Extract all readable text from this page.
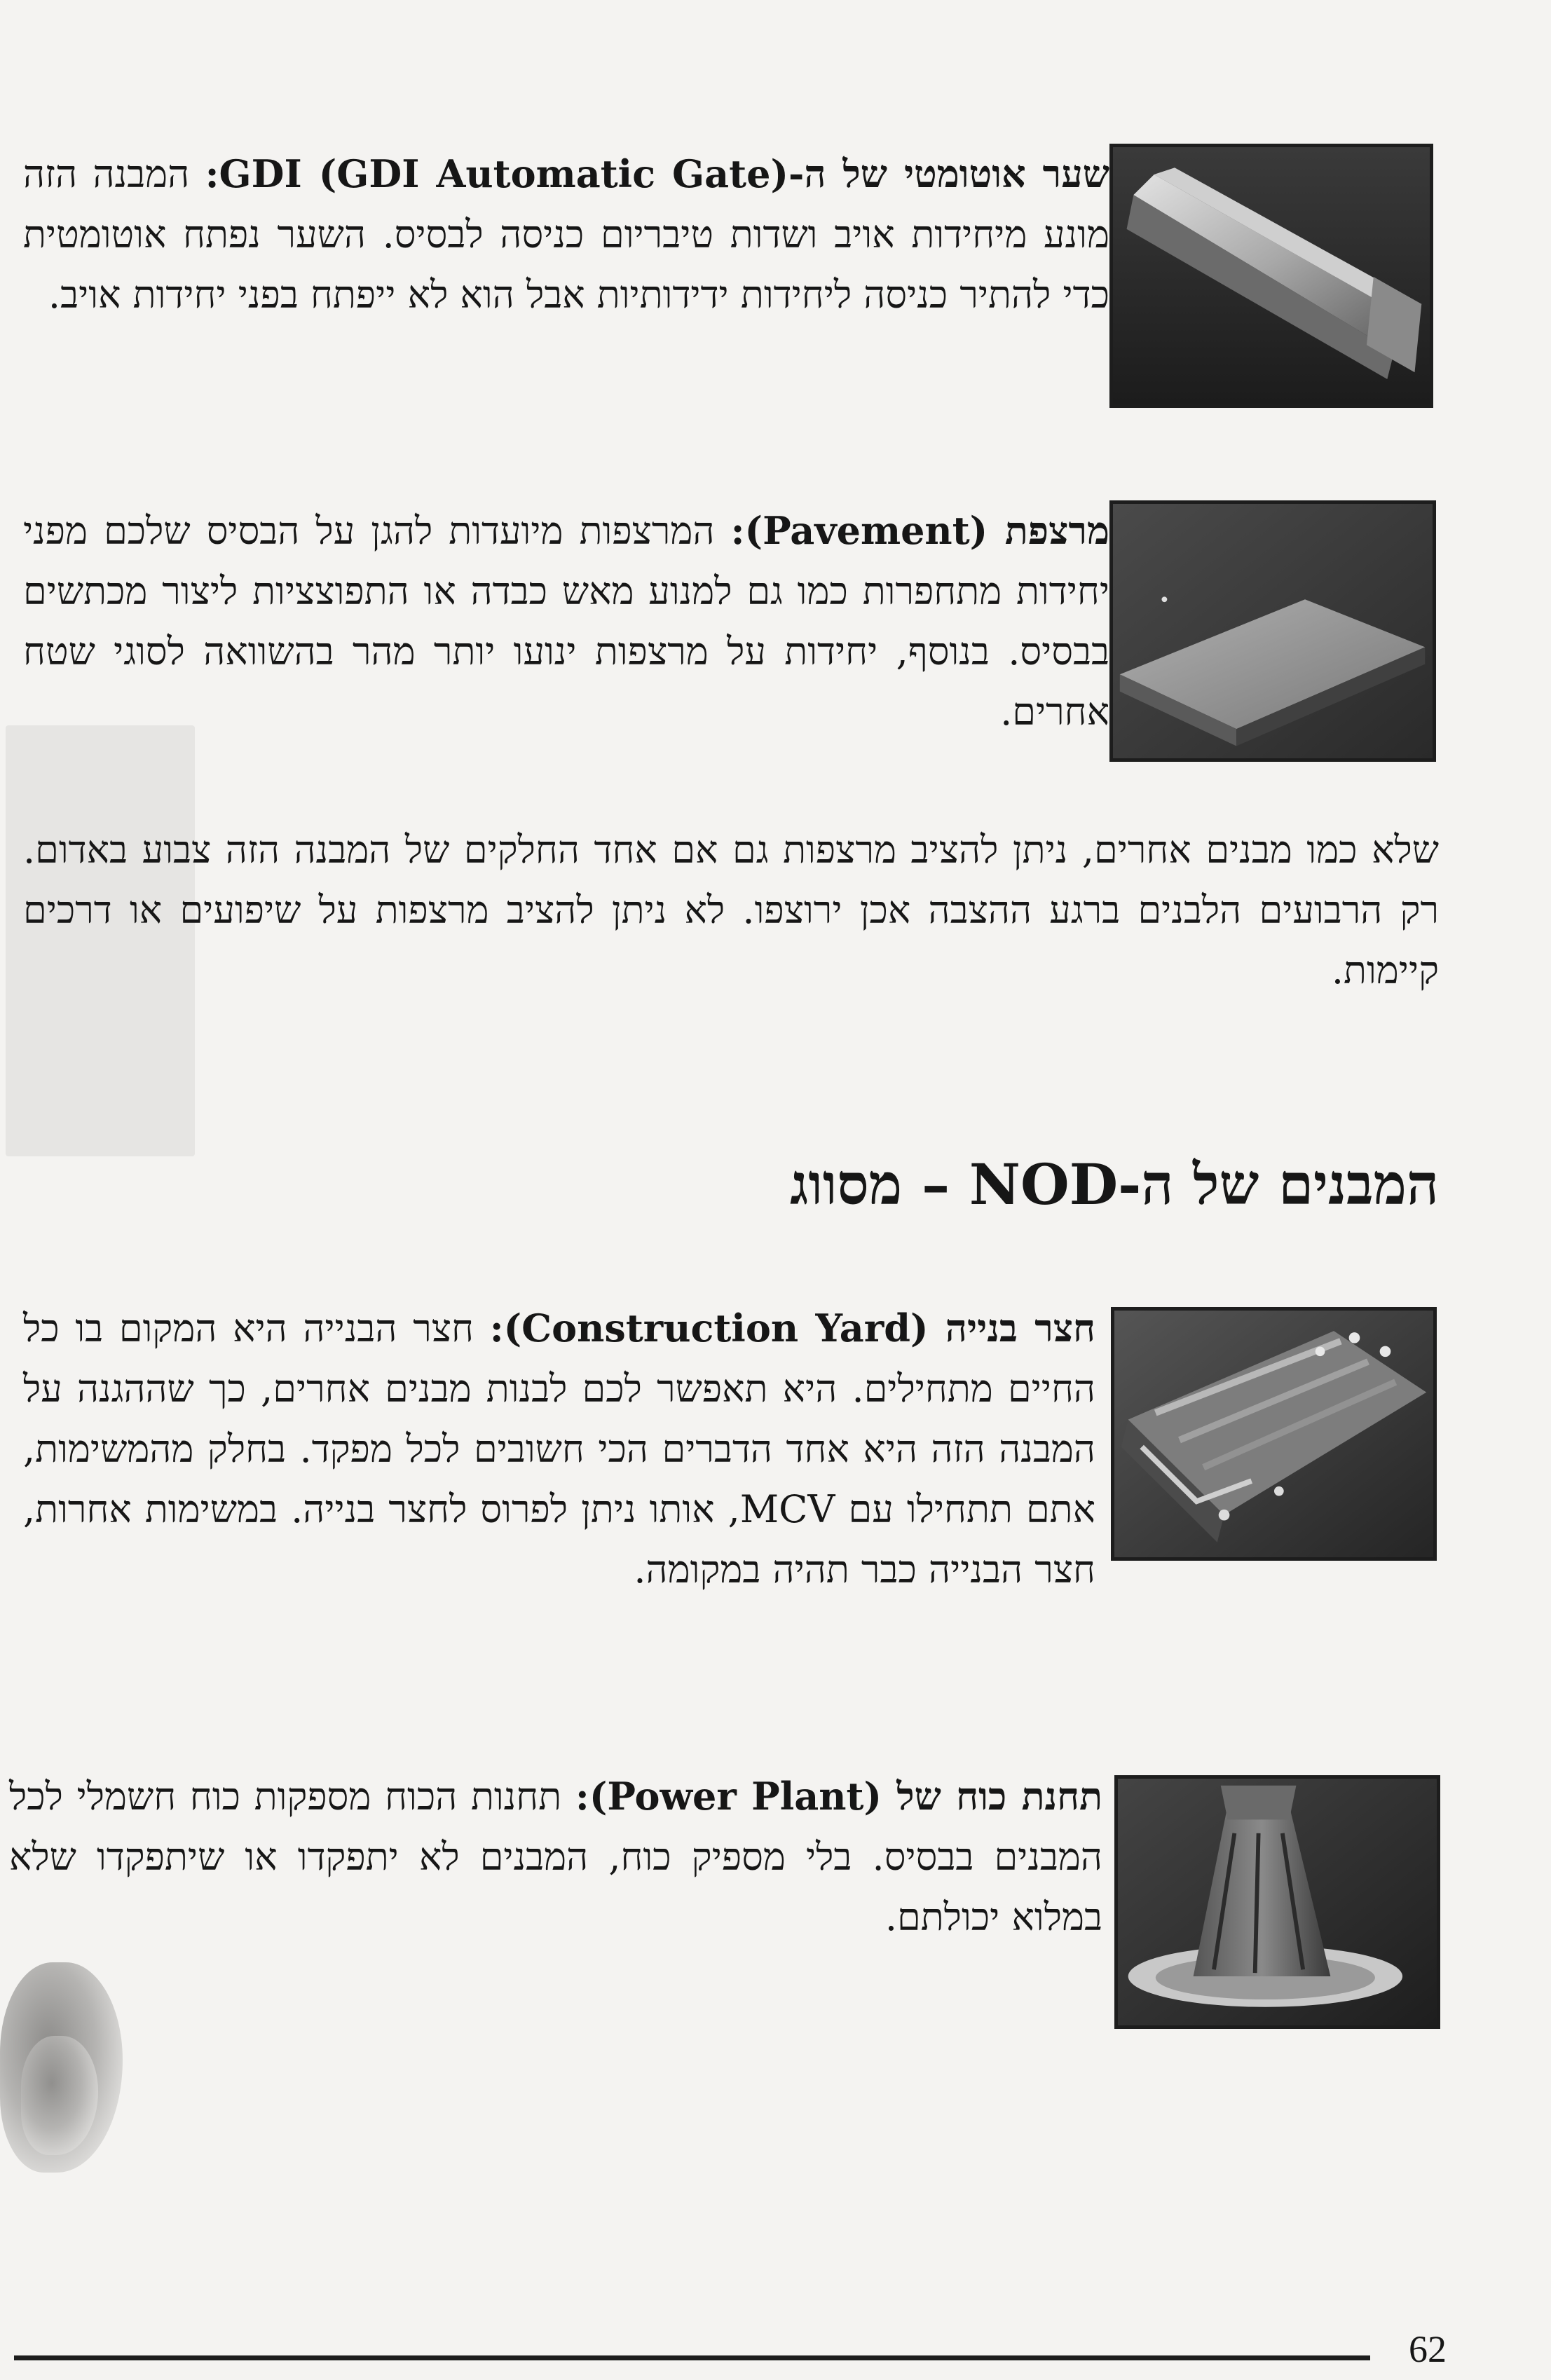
שער אוטומטי של ה-GDI (GDI Automatic Gate): המבנה הזה מונע מיחידות אויב ושדות טיבריום כניסה לבסיס. השער נפתח אוטומטית כדי להתיר כניסה ליחידות ידידותיות אבל הוא לא ייפתח בפני יחידות אויב.
מרצפת (Pavement): המרצפות מיועדות להגן על הבסיס שלכם מפני יחידות מתחפרות כמו גם למנוע מאש כבדה או התפוצציות ליצור מכתשים בבסיס. בנוסף, יחידות על מרצפות ינועו יותר מהר בהשוואה לסוגי שטח אחרים.
שלא כמו מבנים אחרים, ניתן להציב מרצפות גם אם אחד החלקים של המבנה הזה צבוע באדום. רק הרבועים הלבנים ברגע ההצבה אכן ירוצפו. לא ניתן להציב מרצפות על שיפועים או דרכים קיימות.
המבנים של ה-NOD – מסווג
חצר בנייה (Construction Yard): חצר הבנייה היא המקום בו כל החיים מתחילים. היא תאפשר לכם לבנות מבנים אחרים, כך שההגנה על המבנה הזה היא אחד הדברים הכי חשובים לכל מפקד. בחלק מהמשימות, אתם תתחילו עם MCV, אותו ניתן לפרוס לחצר בנייה. במשימות אחרות, חצר הבנייה כבר תהיה במקומה.
תחנת כוח של (Power Plant): תחנות הכוח מספקות כוח חשמלי לכל המבנים בבסיס. בלי מספיק כוח, המבנים לא יתפקדו או שיתפקדו שלא במלוא יכולתם.
62
